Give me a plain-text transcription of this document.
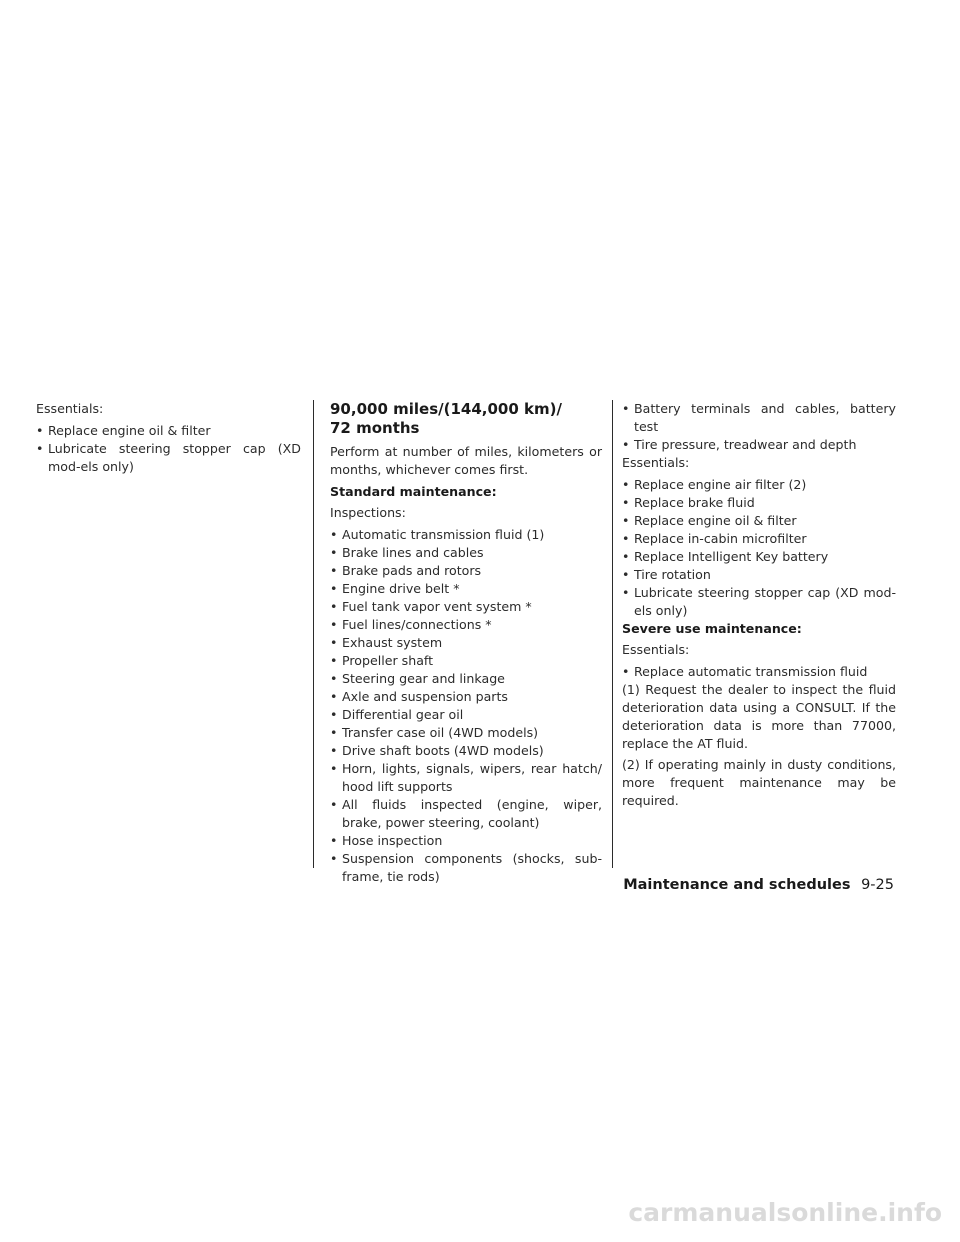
Essentials:

• Replace engine oil & filter
• Lubricate steering stopper cap (XD mod-els only)
90,000 miles/(144,000 km)/
72 months

Perform at number of miles, kilometers or months, whichever comes first.

Standard maintenance:

Inspections:

• Automatic transmission fluid (1)
• Brake lines and cables
• Brake pads and rotors
• Engine drive belt *
• Fuel tank vapor vent system *
• Fuel lines/connections *
• Exhaust system
• Propeller shaft
• Steering gear and linkage
• Axle and suspension parts
• Differential gear oil
• Transfer case oil (4WD models)
• Drive shaft boots (4WD models)
• Horn, lights, signals, wipers, rear hatch/ hood lift supports
• All fluids inspected (engine, wiper, brake, power steering, coolant)
• Hose inspection
• Suspension components (shocks, sub-frame, tie rods)
• Battery terminals and cables, battery test
• Tire pressure, treadwear and depth

Essentials:

• Replace engine air filter (2)
• Replace brake fluid
• Replace engine oil & filter
• Replace in-cabin microfilter
• Replace Intelligent Key battery
• Tire rotation
• Lubricate steering stopper cap (XD mod-els only)

Severe use maintenance:

Essentials:

• Replace automatic transmission fluid

(1) Request the dealer to inspect the fluid deterioration data using a CONSULT. If the deterioration data is more than 77000, replace the AT fluid.

(2) If operating mainly in dusty conditions, more frequent maintenance may be required.

Maintenance and schedules 9-25
carmanualsonline.info
